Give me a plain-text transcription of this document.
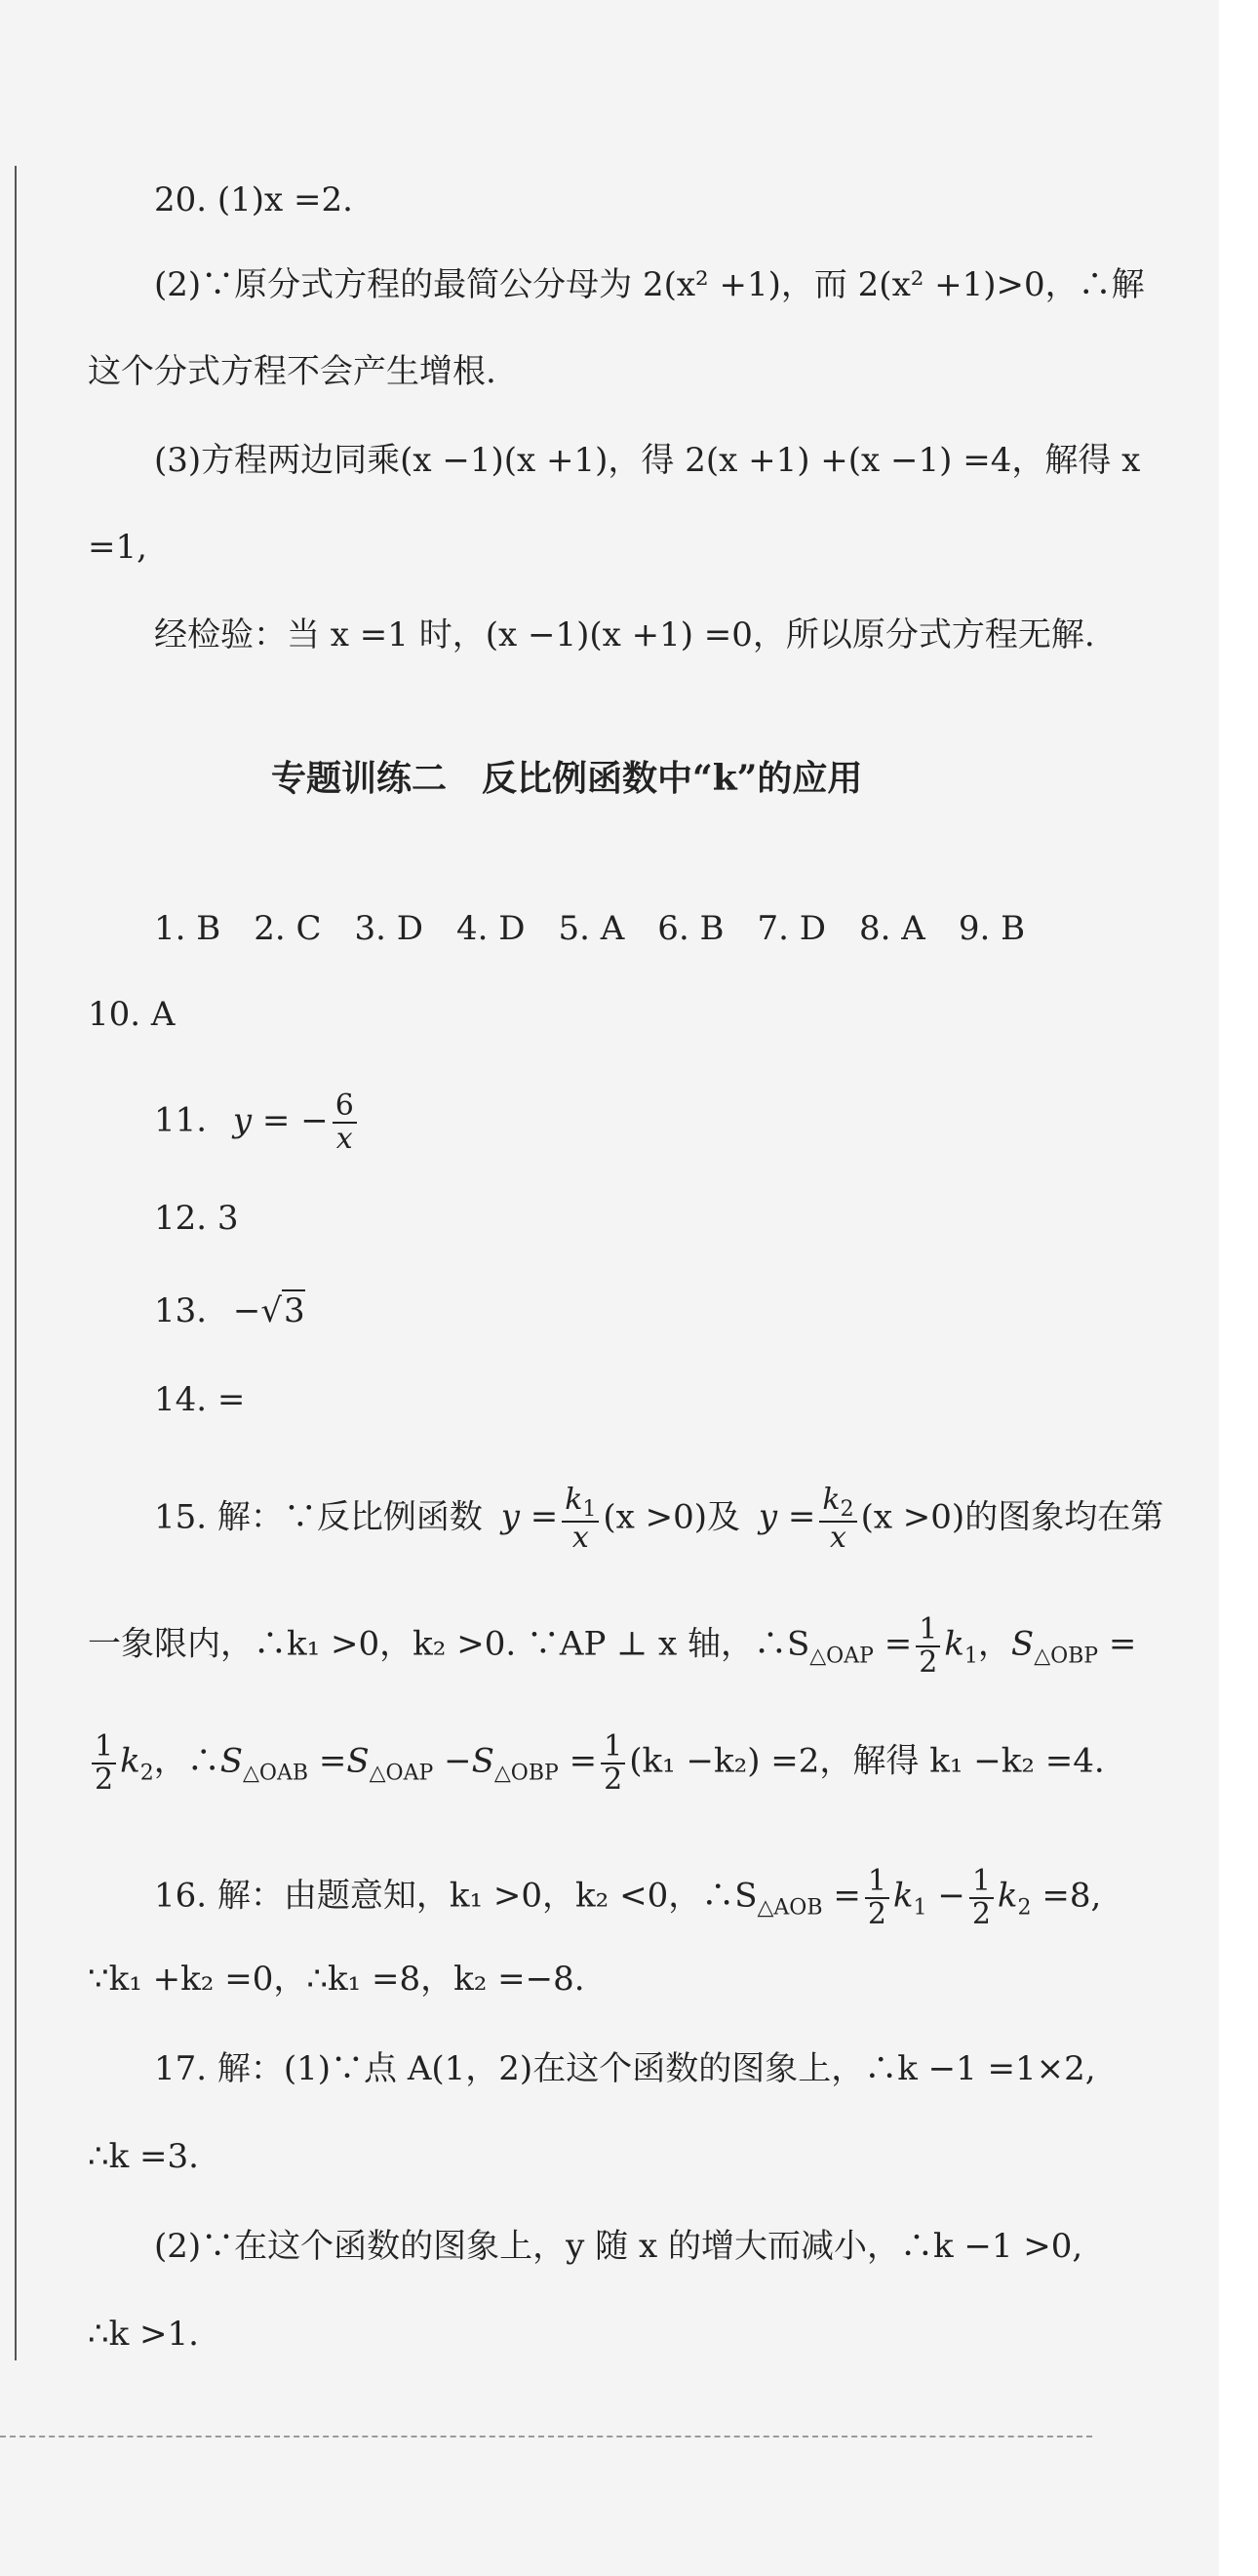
20. (1)x =2.
(2)∵原分式方程的最简公分母为 2(x² +1)，而 2(x² +1)>0，∴解
这个分式方程不会产生增根.
(3)方程两边同乘(x −1)(x +1)，得 2(x +1) +(x −1) =4，解得 x
=1,
经检验：当 x =1 时，(x −1)(x +1) =0，所以原分式方程无解.
专题训练二　反比例函数中“k”的应用
1. B　2. C　3. D　4. D　5. A　6. B　7. D　8. A　9. B
10. A
11. y = − $\frac{6}{x}$
12. 3
13. −√3
14. =
15. 解：∵反比例函数 $y = \frac{k_1}{x} (x >0)$及 $y = \frac{k_2}{x} (x >0)$的图象均在第
一象限内，∴k₁ >0，k₂ >0. ∵AP ⊥ x 轴，$\therefore S_{\triangle OAP} = \frac{1}{2} k_1$，$S_{\triangle OBP}$ =
$\frac{1}{2} k_2$，$\therefore S_{\triangle OAB} =S_{\triangle OAP} -S_{\triangle OBP} = \frac{1}{2} (k_1 -k_2) =2$，解得 k₁ −k₂ =4.
16. 解：由题意知，k₁ >0，k₂ <0，$\therefore S_{\triangle AOB} = \frac{1}{2} k_1 - \frac{1}{2} k_2 =8$,
∵k₁ +k₂ =0，∴k₁ =8，k₂ =−8.
17. 解：(1)∵点 A(1，2)在这个函数的图象上，∴k −1 =1×2,
∴k =3.
(2)∵在这个函数的图象上，y 随 x 的增大而减小，∴k −1 >0,
∴k >1.
